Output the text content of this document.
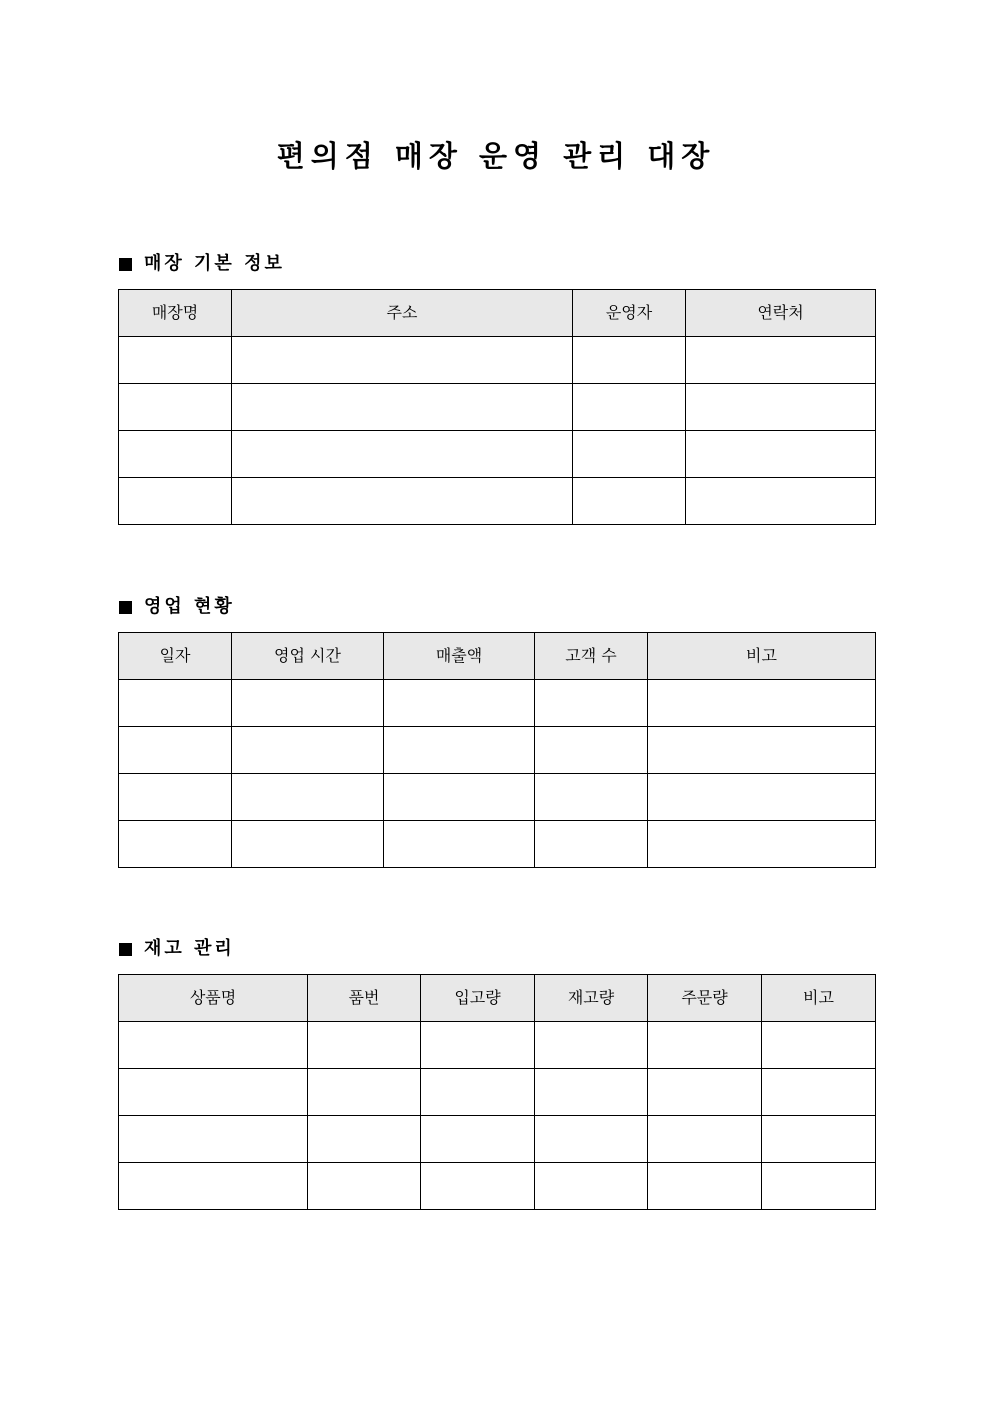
편의점 매장 운영 관리 대장
매장 기본 정보
매장명	주소	운영자	연락처

영업 현황
일자	영업 시간	매출액	고객 수	비고

재고 관리
상품명	품번	입고량	재고량	주문량	비고
